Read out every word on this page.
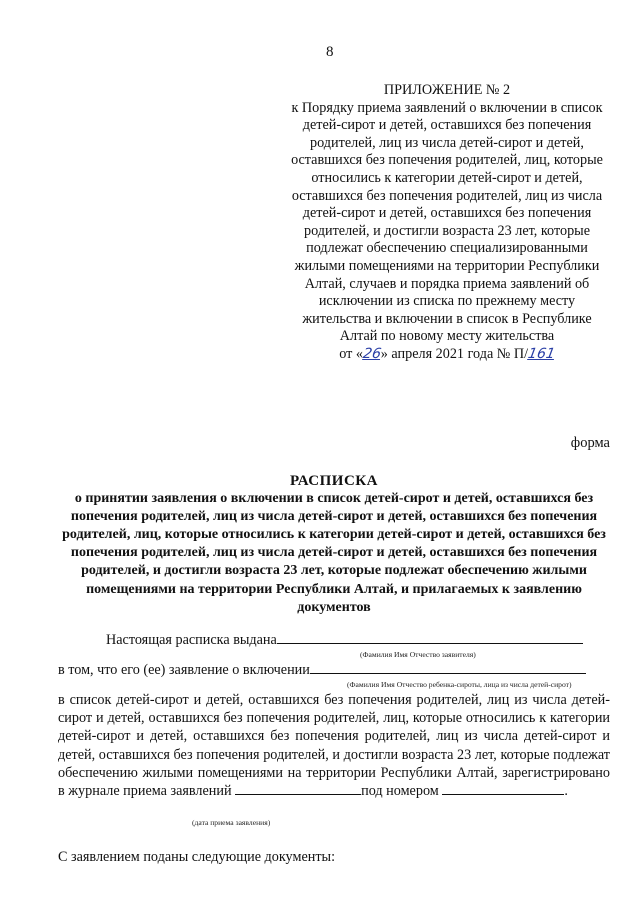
8
ПРИЛОЖЕНИЕ № 2
к Порядку приема заявлений о включении в список детей-сирот и детей, оставшихся без попечения родителей, лиц из числа детей-сирот и детей, оставшихся без попечения родителей, лиц, которые относились к категории детей-сирот и детей, оставшихся без попечения родителей, лиц из числа детей-сирот и детей, оставшихся без попечения родителей, и достигли возраста 23 лет, которые подлежат обеспечению специализированными жилыми помещениями на территории Республики Алтай, случаев и порядка приема заявлений об исключении из списка по прежнему месту жительства и включении в список в Республике Алтай по новому месту жительства
от «26» апреля 2021 года № П/161
форма
РАСПИСКА
о принятии заявления о включении в список детей-сирот и детей, оставшихся без попечения родителей, лиц из числа детей-сирот и детей, оставшихся без попечения родителей, лиц, которые относились к категории детей-сирот и детей, оставшихся без попечения родителей, лиц из числа детей-сирот и детей, оставшихся без попечения родителей, и достигли возраста 23 лет, которые подлежат обеспечению жилыми помещениями на территории Республики Алтай, и прилагаемых к заявлению документов
Настоящая расписка выдана
(Фамилия Имя Отчество заявителя)
в том, что его (ее) заявление о включении
(Фамилия Имя Отчество ребенка-сироты, лица из числа детей-сирот)
в список детей-сирот и детей, оставшихся без попечения родителей, лиц из числа детей-сирот и детей, оставшихся без попечения родителей, лиц, которые относились к категории детей-сирот и детей, оставшихся без попечения родителей, лиц из числа детей-сирот и детей, оставшихся без попечения родителей, и достигли возраста 23 лет, которые подлежат обеспечению жилыми помещениями на территории Республики Алтай, зарегистрировано в журнале приема заявлений	под номером	.
(дата приема заявления)
С заявлением поданы следующие документы:
